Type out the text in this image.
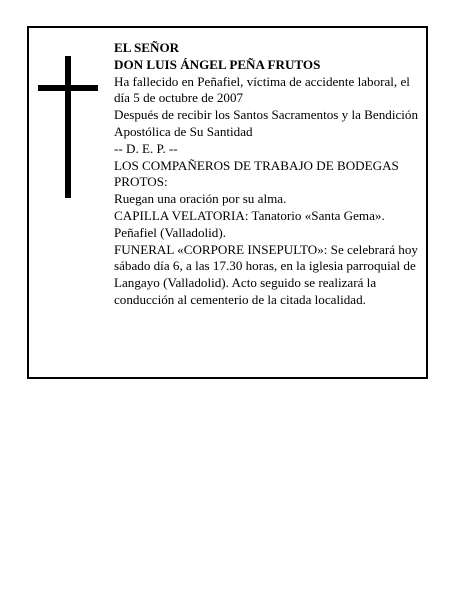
EL SEÑOR

DON LUIS ÁNGEL PEÑA FRUTOS

Ha fallecido en Peñafiel, víctima de accidente laboral, el día 5 de octubre de 2007

Después de recibir los Santos Sacramentos y la Bendición Apostólica de Su Santidad

-- D. E. P. --

LOS COMPAÑEROS DE TRABAJO DE BODEGAS PROTOS:

Ruegan una oración por su alma.

CAPILLA VELATORIA: Tanatorio «Santa Gema». Peñafiel (Valladolid).

FUNERAL «CORPORE INSEPULTO»: Se celebrará hoy sábado día 6, a las 17.30 horas, en la iglesia parroquial de Langayo (Valladolid). Acto seguido se realizará la conducción al cementerio de la citada localidad.
